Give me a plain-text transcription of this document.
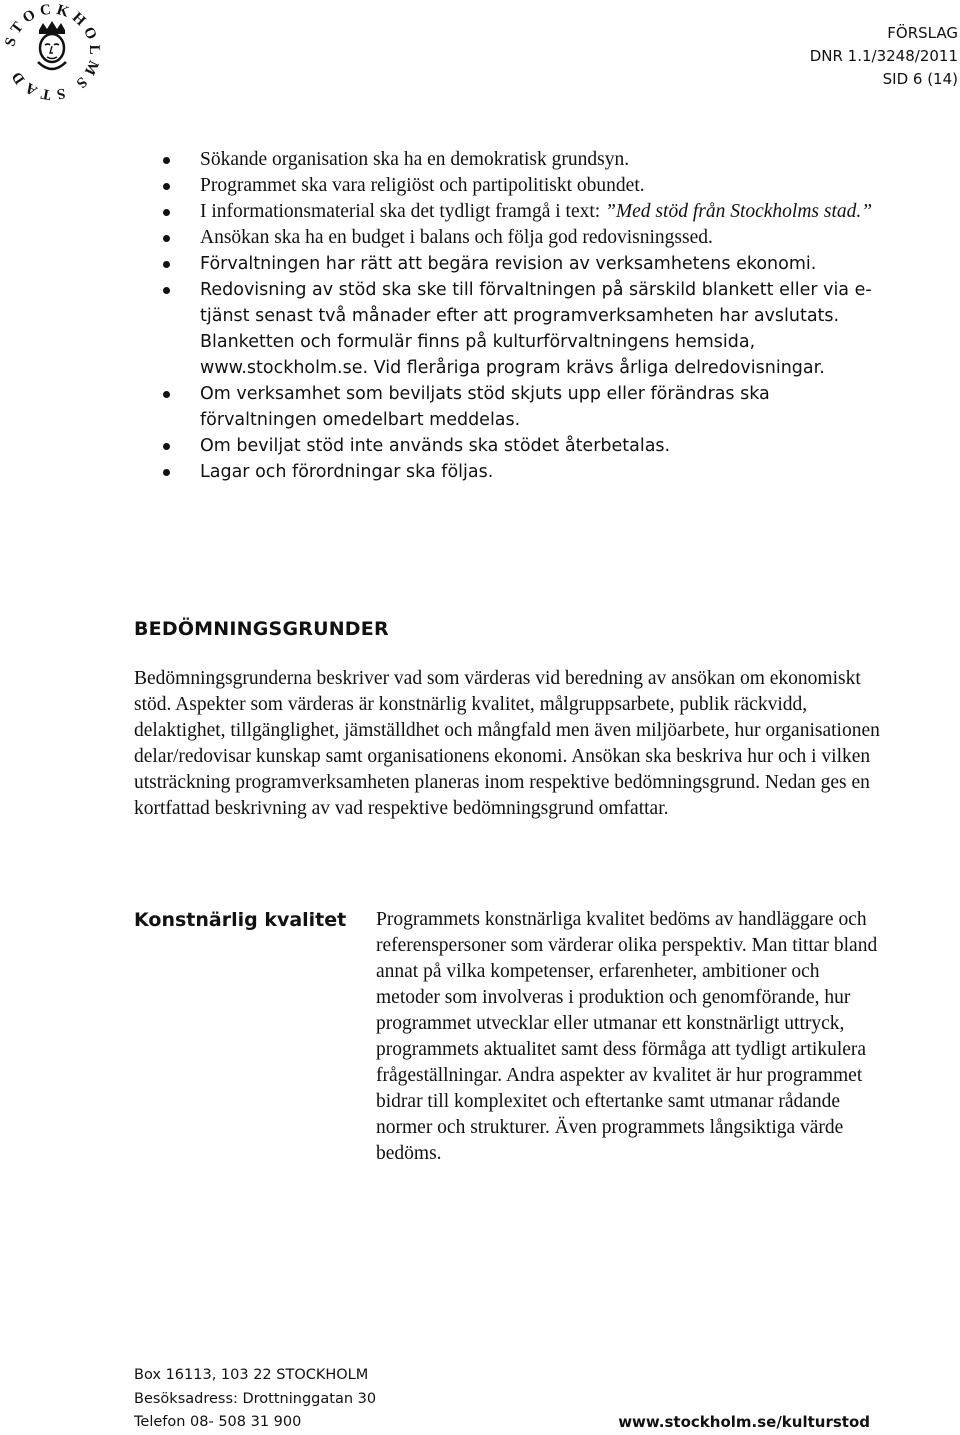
STOCKHOLMS STAD
FÖRSLAG
DNR 1.1/3248/2011
SID 6 (14)
Sökande organisation ska ha en demokratisk grundsyn.
Programmet ska vara religiöst och partipolitiskt obundet.
I informationsmaterial ska det tydligt framgå i text: ”Med stöd från Stockholms stad.”
Ansökan ska ha en budget i balans och följa god redovisningssed.
Förvaltningen har rätt att begära revision av verksamhetens ekonomi.
Redovisning av stöd ska ske till förvaltningen på särskild blankett eller via e-tjänst senast två månader efter att programverksamheten har avslutats. Blanketten och formulär finns på kulturförvaltningens hemsida, www.stockholm.se. Vid fleråriga program krävs årliga delredovisningar.
Om verksamhet som beviljats stöd skjuts upp eller förändras ska förvaltningen omedelbart meddelas.
Om beviljat stöd inte används ska stödet återbetalas.
Lagar och förordningar ska följas.
BEDÖMNINGSGRUNDER

Bedömningsgrunderna beskriver vad som värderas vid beredning av ansökan om ekonomiskt stöd. Aspekter som värderas är konstnärlig kvalitet, målgruppsarbete, publik räckvidd, delaktighet, tillgänglighet, jämställdhet och mångfald men även miljöarbete, hur organisationen delar/redovisar kunskap samt organisationens ekonomi. Ansökan ska beskriva hur och i vilken utsträckning programverksamheten planeras inom respektive bedömningsgrund. Nedan ges en kortfattad beskrivning av vad respektive bedömningsgrund omfattar.

Konstnärlig kvalitet Programmets konstnärliga kvalitet bedöms av handläggare och referenspersoner som värderar olika perspektiv. Man tittar bland annat på vilka kompetenser, erfarenheter, ambitioner och metoder som involveras i produktion och genomförande, hur programmet utvecklar eller utmanar ett konstnärligt uttryck, programmets aktualitet samt dess förmåga att tydligt artikulera frågeställningar. Andra aspekter av kvalitet är hur programmet bidrar till komplexitet och eftertanke samt utmanar rådande normer och strukturer. Även programmets långsiktiga värde bedöms.

Box 16113, 103 22 STOCKHOLM
Besöksadress: Drottninggatan 30
Telefon 08- 508 31 900	www.stockholm.se/kulturstod
